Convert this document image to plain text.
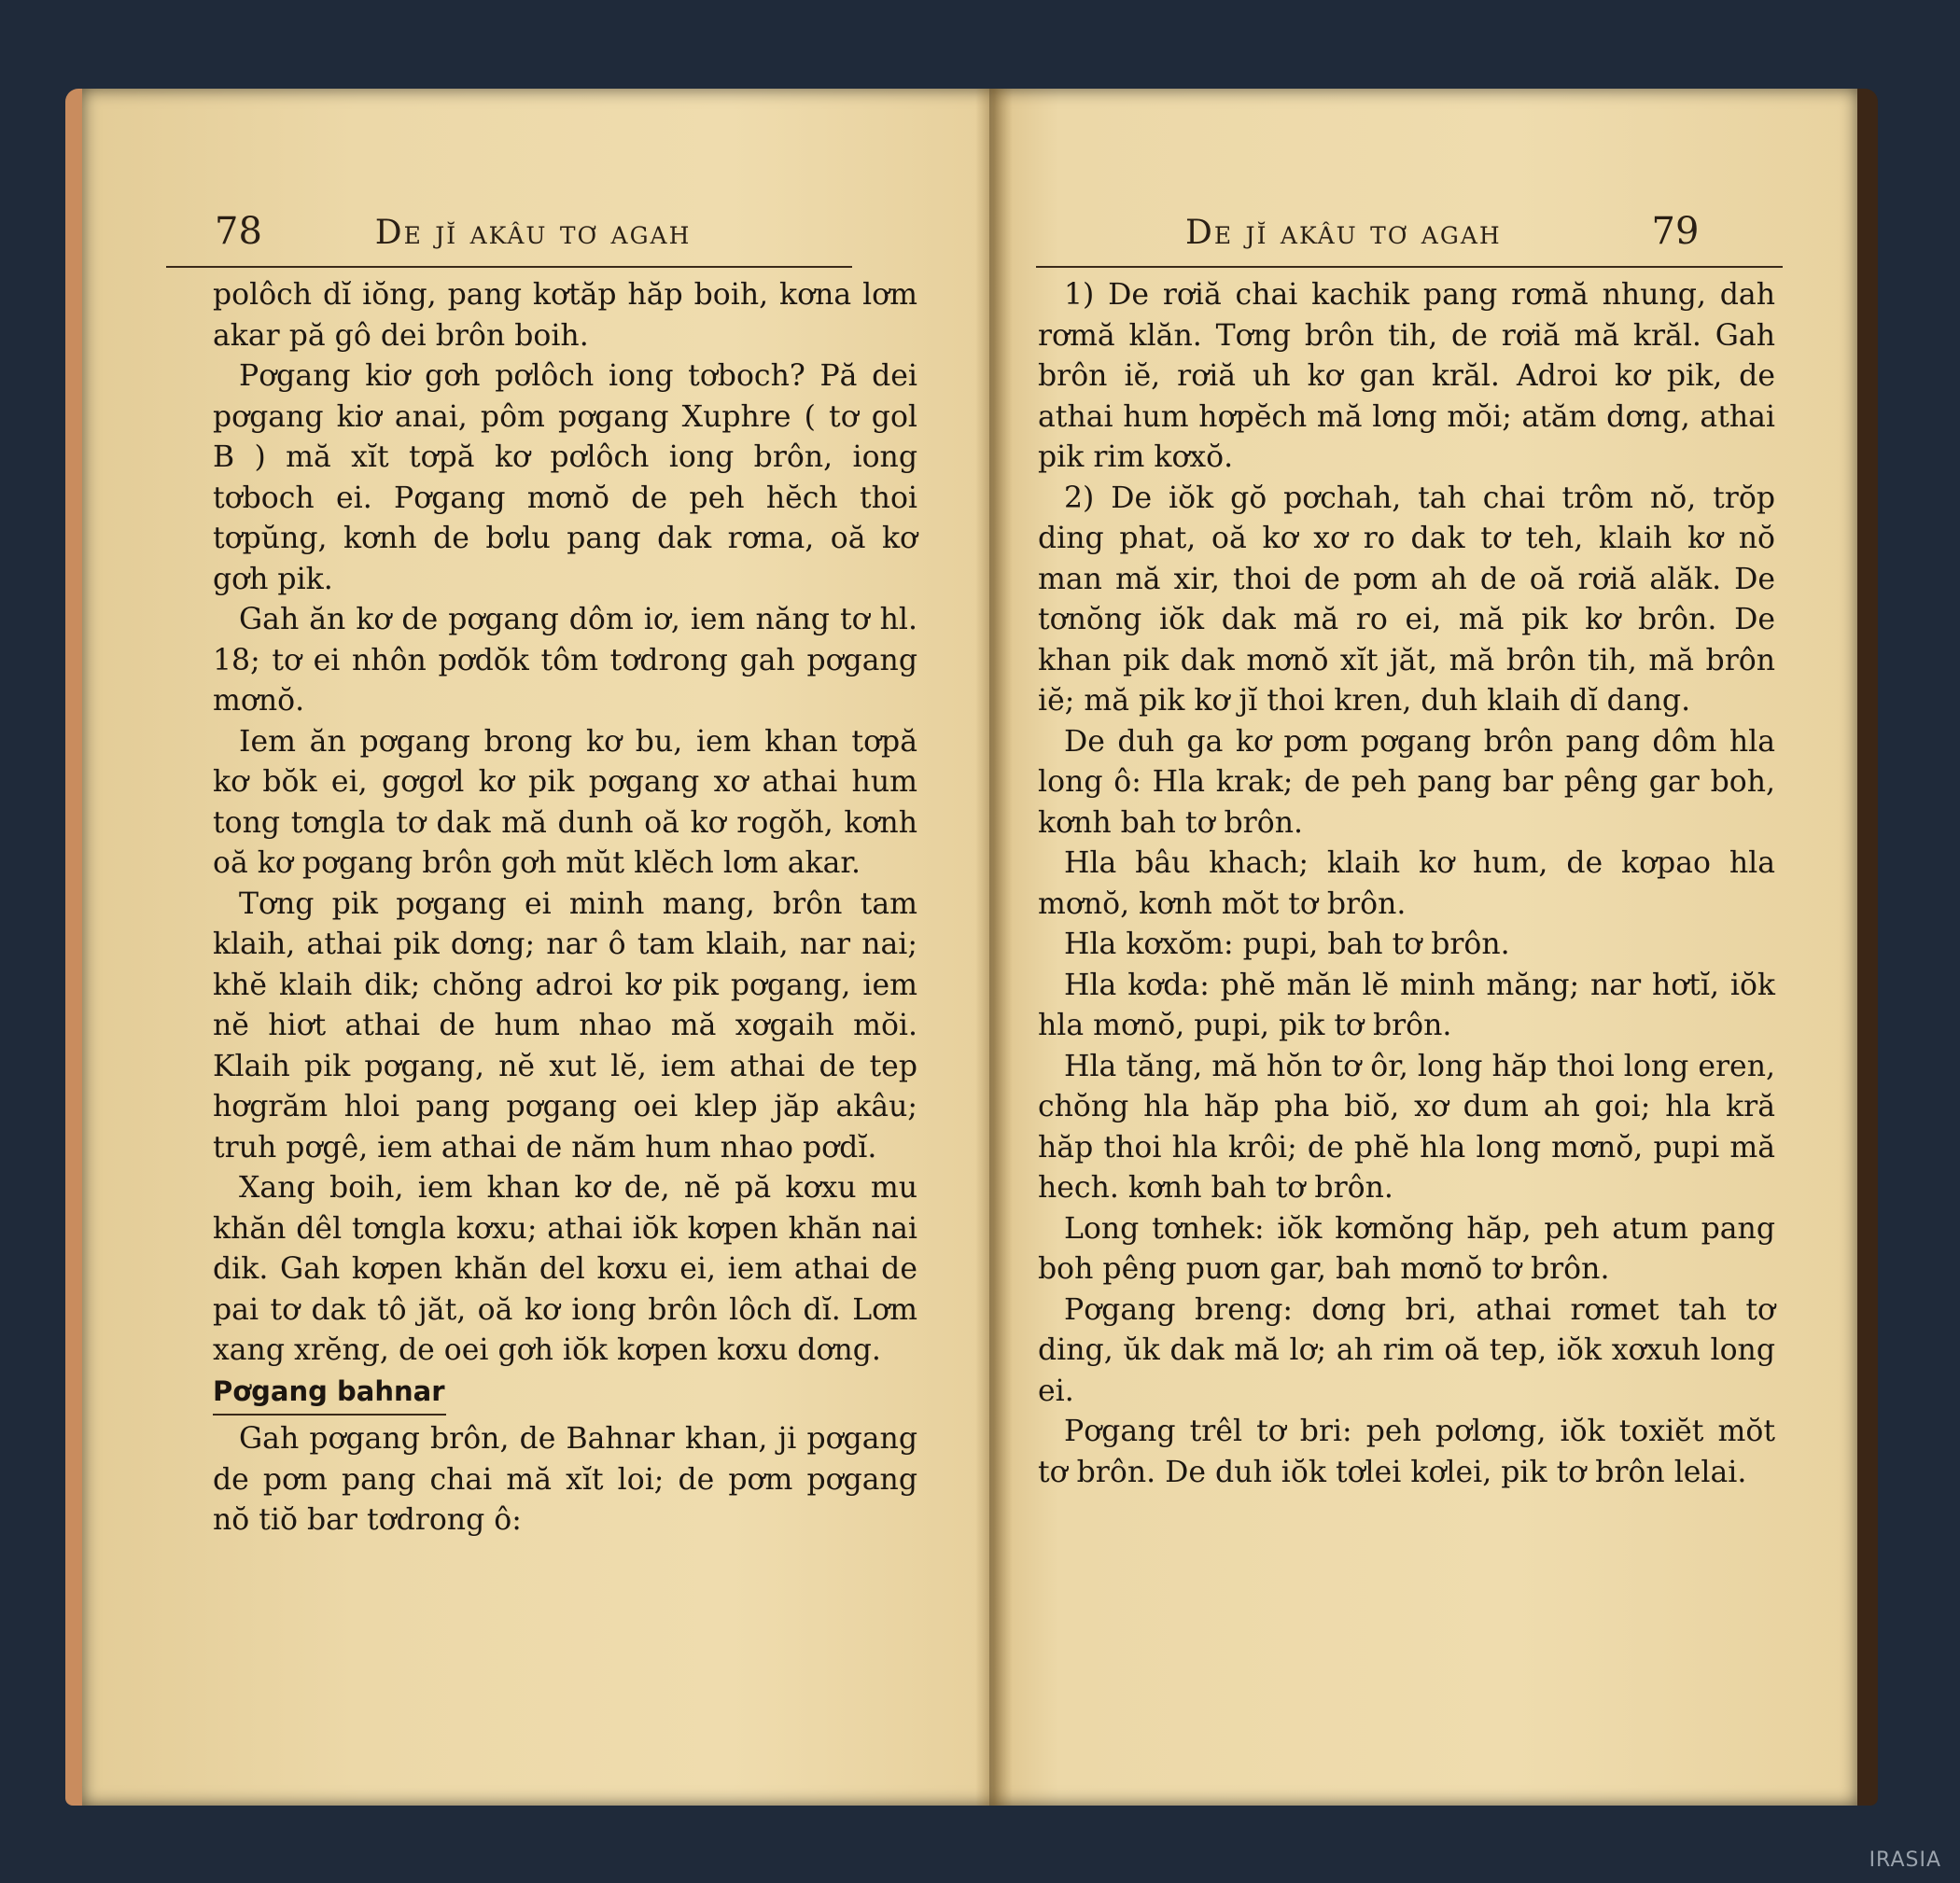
78	De jĭ akâu tơ agah

polôch dĭ iŏng, pang kơtăp hăp boih, kơna lơm akar pă gô dei brôn boih.

Pơgang kiơ gơh pơlôch iong tơboch? Pă dei pơgang kiơ anai, pôm pơgang Xuphre ( tơ gol B ) mă xĭt tơpă kơ pơlôch iong brôn, iong tơboch ei. Pơgang mơnŏ de peh hĕch thoi tơpŭng, kơnh de bơlu pang dak rơma, oă kơ gơh pik.

Gah ăn kơ de pơgang dôm iơ, iem năng tơ hl. 18; tơ ei nhôn pơdŏk tôm tơdrong gah pơgang mơnŏ.

Iem ăn pơgang brong kơ bu, iem khan tơpă kơ bŏk ei, gơgơl kơ pik pơgang xơ athai hum tong tơngla tơ dak mă dunh oă kơ rogŏh, kơnh oă kơ pơgang brôn gơh mŭt klĕch lơm akar.

Tơng pik pơgang ei minh mang, brôn tam klaih, athai pik dơng; nar ô tam klaih, nar nai; khĕ klaih dik; chŏng adroi kơ pik pơgang, iem nĕ hiơt athai de hum nhao mă xơgaih mŏi. Klaih pik pơgang, nĕ xut lĕ, iem athai de tep hơgrăm hloi pang pơgang oei klep jăp akâu; truh pơgê, iem athai de năm hum nhao pơdĭ.

Xang boih, iem khan kơ de, nĕ pă kơxu mu khăn dêl tơngla kơxu; athai iŏk kơpen khăn nai dik. Gah kơpen khăn del kơxu ei, iem athai de pai tơ dak tô jăt, oă kơ iong brôn lôch dĭ. Lơm xang xrĕng, de oei gơh iŏk kơpen kơxu dơng.

Pơgang bahnar

Gah pơgang brôn, de Bahnar khan, ji pơgang de pơm pang chai mă xĭt loi; de pơm pơgang nŏ tiŏ bar tơdrong ô:

De jĭ akâu tơ agah	79

1) De rơiă chai kachik pang rơmă nhung, dah rơmă klăn. Tơng brôn tih, de rơiă mă krăl. Gah brôn iĕ, rơiă uh kơ gan krăl. Adroi kơ pik, de athai hum hơpĕch mă lơng mŏi; atăm dơng, athai pik rim kơxŏ.

2) De iŏk gŏ pơchah, tah chai trôm nŏ, trŏp ding phat, oă kơ xơ ro dak tơ teh, klaih kơ nŏ man mă xir, thoi de pơm ah de oă rơiă alăk. De tơnŏng iŏk dak mă ro ei, mă pik kơ brôn. De khan pik dak mơnŏ xĭt jăt, mă brôn tih, mă brôn iĕ; mă pik kơ jĭ thoi kren, duh klaih dĭ dang.

De duh ga kơ pơm pơgang brôn pang dôm hla long ô: Hla krak; de peh pang bar pêng gar boh, kơnh bah tơ brôn.

Hla bâu khach; klaih kơ hum, de kơpao hla mơnŏ, kơnh mŏt tơ brôn.

Hla kơxŏm: pupi, bah tơ brôn.

Hla kơda: phĕ măn lĕ minh măng; nar hơtĭ, iŏk hla mơnŏ, pupi, pik tơ brôn.

Hla tăng, mă hŏn tơ ôr, long hăp thoi long eren, chŏng hla hăp pha biŏ, xơ dum ah goi; hla kră hăp thoi hla krôi; de phĕ hla long mơnŏ, pupi mă hech. kơnh bah tơ brôn.

Long tơnhek: iŏk kơmŏng hăp, peh atum pang boh pêng puơn gar, bah mơnŏ tơ brôn.

Pơgang breng: dơng bri, athai rơmet tah tơ ding, ŭk dak mă lơ; ah rim oă tep, iŏk xơxuh long ei.

Pơgang trêl tơ bri: peh pơlơng, iŏk toxiĕt mŏt tơ brôn. De duh iŏk tơlei kơlei, pik tơ brôn lelai.

IRASIA
